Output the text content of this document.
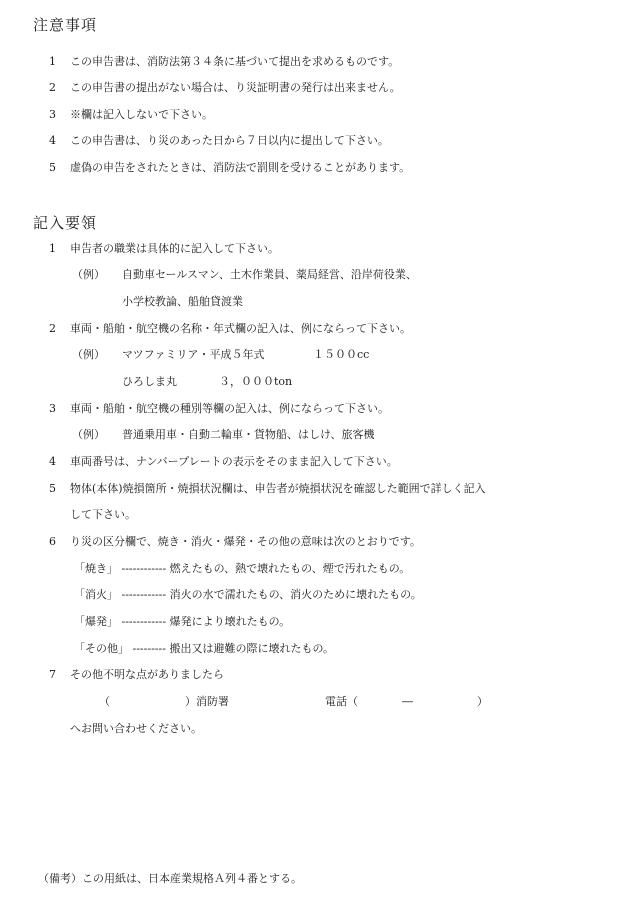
注意事項
1 この申告書は、消防法第３４条に基づいて提出を求めるものです。
2 この申告書の提出がない場合は、り災証明書の発行は出来ません。
3 ※欄は記入しないで下さい。
4 この申告書は、り災のあった日から７日以内に提出して下さい。
5 虚偽の申告をされたときは、消防法で罰則を受けることがあります。
記入要領
1 申告者の職業は具体的に記入して下さい。
（例） 自動車セールスマン、土木作業員、薬局経営、沿岸荷役業、
小学校教論、船舶貸渡業
2 車両・船舶・航空機の名称・年式欄の記入は、例にならって下さい。
（例） マツファミリア・平成５年式	１５００cc
ひろしま丸	３，０００ton
3 車両・船舶・航空機の種別等欄の記入は、例にならって下さい。
（例） 普通乗用車・自動二輪車・貨物船、はしけ、旅客機
4 車両番号は、ナンバープレートの表示をそのまま記入して下さい。
5 物体(本体)焼損箇所・焼損状況欄は、申告者が焼損状況を確認した範囲で詳しく記入
して下さい。
6 り災の区分欄で、焼き・消火・爆発・その他の意味は次のとおりです。
「焼き」 ------------ 燃えたもの、熱で壊れたもの、煙で汚れたもの。
「消火」 ------------ 消火の水で濡れたもの、消火のために壊れたもの。
「爆発」 ------------ 爆発により壊れたもの。
「その他」 --------- 搬出又は避難の際に壊れたもの。
7 その他不明な点がありましたら
（	）消防署	電話（	―	）
へお問い合わせください。
（備考）この用紙は、日本産業規格Ａ列４番とする。
